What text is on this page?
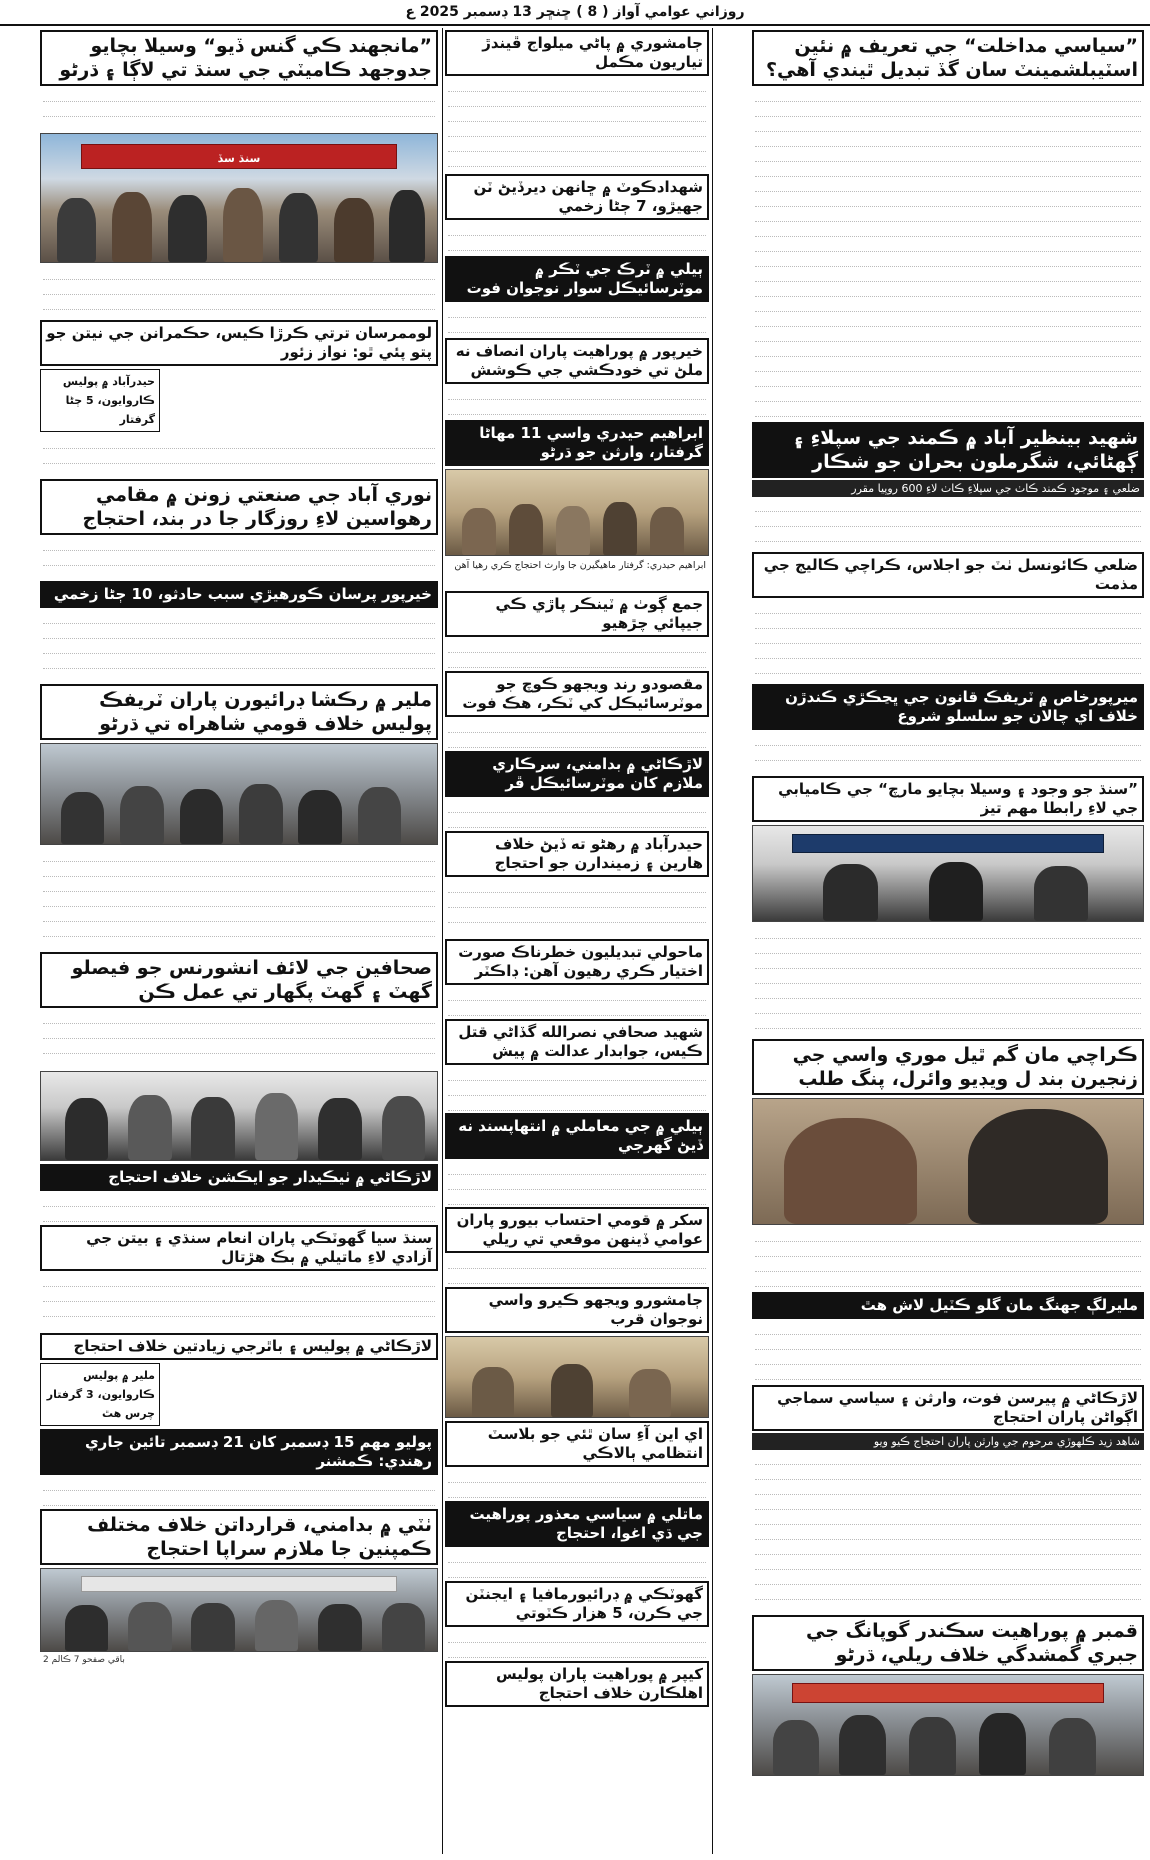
روزاني عوامي آواز ( 8 ) ڇنڇر 13 ڊسمبر 2025 ع
”سياسي مداخلت“ جي تعريف ۾ نئين اسٽيبلشمينٽ سان گڏ تبديل ٿيندي آهي؟
شهيد بينظير آباد ۾ ڪمند جي سپلاءِ ۽ ڳهڻائي، شگرملون بحران جو شڪار
ضلعي ۽ موجود ڪمند ڪاٺ جي سپلاءِ ڪاٺ لاءِ 600 روپيا مقرر
ضلعي ڪائونسل ٺٽ جو اجلاس، ڪراچي ڪاليج جي مذمت
ميرپورخاص ۾ ٽريفڪ قانون جي ڀڃڪڙي ڪندڙن خلاف اي چالان جو سلسلو شروع
”سنڌ جو وجود ۽ وسيلا بچايو مارچ“ جي ڪاميابي جي لاءِ رابطا مهم تيز
ڪراچي مان گم ٿيل موري واسي جي زنجيرن بند ل ويڊيو وائرل، پنگ طلب
مليرلڳ جهنگ مان گلو ڪٽيل لاش هٿ
لاڙڪاڻي ۾ پيرسن فوت، وارثن ۽ سياسي سماجي اڳواڻن پاران احتجاج
شاهد زيد ڪلهوڙي مرحوم جي وارثن پاران احتجاج ڪيو ويو
قمبر ۾ پوراهيت سڪندر گوپانگ جي جبري گمشدگي خلاف ريلي، ڌرڻو
ڄامشوري ۾ پاڻي ميلواج ڦيندڙ تياريون مڪمل
شهدادڪوٽ ۾ ڇانهن ديرڏيڻ ٽن جهيڙو، 7 ڄڻا زخمي
ٻيلي ۾ ٽرڪ جي ٽڪر ۾ موٽرسائيڪل سوار نوجوان فوت
خيرپور ۾ پوراهيت پاران انصاف نه ملڻ تي خودڪشي جي ڪوشش
ابراهيم حيدري واسي 11 مهاڻا گرفتار، وارثن جو ڌرڻو
ابراهيم حيدري: گرفتار ماهيگيرن جا وارث احتجاج ڪري رهيا آهن
جمع ڳوٺ ۾ ٽينڪر پاڙي ڪي جيپائي چڙهيو
مقصودو رند ويجهو ڪوچ جو موٽرسائيڪل کي ٽڪر، هڪ فوت
لاڙڪاڻي ۾ بدامني، سرڪاري ملازم کان موٽرسائيڪل ڦر
حيدرآباد ۾ رهڻو ته ڏيڻ خلاف هارين ۽ زميندارن جو احتجاج
ماحولي تبديليون خطرناڪ صورت اختيار ڪري رهيون آهن: ڊاڪٽر
شهيد صحافي نصرالله گڏاڻي قتل ڪيس، جوابدار عدالت ۾ پيش
ٻيلي ۾ جي معاملي ۾ انتهاپسند نه ڏيڻ گهرجي
سکر ۾ قومي احتساب بيورو پاران عوامي ڏينهن موقعي تي ريلي
ڄامشورو ويجهو ڪيرو واسي نوجوان قرب
اي اين آءِ سان ٿئي جو بلاسٽ انتظامي ٻالاڪي
ماتلي ۾ سياسي معذور پوراهيت جي ڌي اغوا، احتجاج
گهوٽڪي ۾ ڊرائيورمافيا ۽ ايجنٽن جي ڪرن، 5 هزار ڪٽوتي
کيپر ۾ پوراهيت پاران پوليس اهلڪارن خلاف احتجاج
”مانجهند ڪي گنس ڏيو“ وسيلا بچايو جدوجهد ڪاميٽي جي سنڌ تي لاڳا ۽ ڌرڻو
سنڌ سڏ
لوممرسان ترتي ڪرڙا ڪيس، حڪمرانن جي نيتن جو پتو پئي ٿو: نواز زئور
حيدرآباد ۾ پوليس ڪاروايون، 5 ڄڻا گرفتار
نوري آباد جي صنعتي زونن ۾ مقامي رهواسين لاءِ روزگار جا در بند، احتجاج
خيرپور پرسان ڪورهيڙي سبب حادثو، 10 ڄڻا زخمي
ملير ۾ رڪشا ڊرائيورن پاران ٽريفڪ پوليس خلاف قومي شاهراه تي ڌرڻو
صحافين جي لائف انشورنس جو فيصلو گهٽ ۽ گهٽ پگهار تي عمل ڪن
لاڙڪاڻي ۾ ٺيڪيدار جو ايڪشن خلاف احتجاج
سنڌ سيا گهوٽڪي پاران انعام سنڌي ۽ بيتن جي آزادي لاءِ ماتيلي ۾ بڪ هڙتال
لاڙڪاڻي ۾ پوليس ۽ باٿرجي زيادتين خلاف احتجاج
ملير ۾ پوليس ڪاروايون، 3 گرفتار چرس هٿ
پوليو مهم 15 ڊسمبر کان 21 ڊسمبر تائين جاري رهندي: ڪمشنر
ٺٽي ۾ بدامني، قرارداتن خلاف مختلف ڪمپنين جا ملازم سراپا احتجاج
باقي صفحو 7 ڪالم 2
